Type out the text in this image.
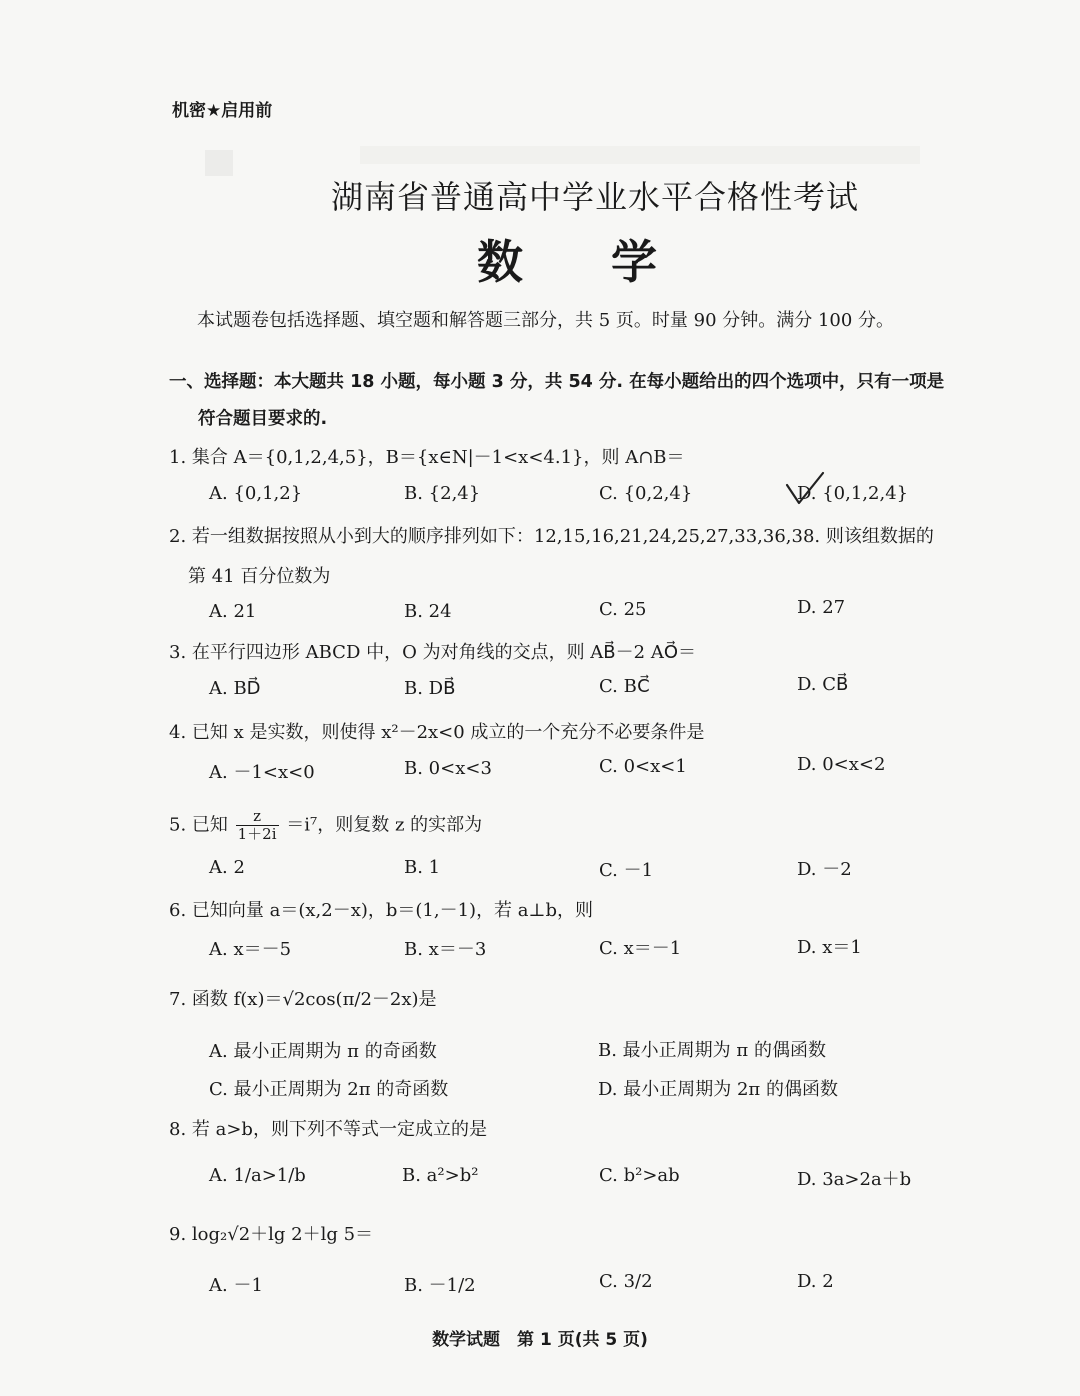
机密★启用前
湖南省普通高中学业水平合格性考试
数学
本试题卷包括选择题、填空题和解答题三部分，共 5 页。时量 90 分钟。满分 100 分。
一、选择题：本大题共 18 小题，每小题 3 分，共 54 分. 在每小题给出的四个选项中，只有一项是
符合题目要求的.
1. 集合 A＝{0,1,2,4,5}，B＝{x∈N|－1<x<4.1}，则 A∩B＝
A. {0,1,2}	B. {2,4}	C. {0,2,4}	D. {0,1,2,4}
2. 若一组数据按照从小到大的顺序排列如下：12,15,16,21,24,25,27,33,36,38. 则该组数据的
第 41 百分位数为
A. 21	B. 24	C. 25	D. 27
3. 在平行四边形 ABCD 中，O 为对角线的交点，则 AB⃗－2 AO⃗＝
A. BD⃗	B. DB⃗	C. BC⃗	D. CB⃗
4. 已知 x 是实数，则使得 x²－2x<0 成立的一个充分不必要条件是
A. －1<x<0	B. 0<x<3	C. 0<x<1	D. 0<x<2
5. 已知 $\frac{z}{1+2i} =i^7$，则复数 z 的实部为
A. 2	B. 1	C. －1	D. －2
6. 已知向量 a＝(x,2－x)，b＝(1,－1)，若 a⊥b，则
A. x＝－5	B. x＝－3	C. x＝－1	D. x＝1
7. 函数 f(x)＝√2cos(π/2－2x)是
A. 最小正周期为 π 的奇函数	B. 最小正周期为 π 的偶函数
C. 最小正周期为 2π 的奇函数	D. 最小正周期为 2π 的偶函数
8. 若 a>b，则下列不等式一定成立的是
A. 1/a>1/b	B. a²>b²	C. b²>ab	D. 3a>2a＋b
9. log₂√2＋lg 2＋lg 5＝
A. －1	B. －1/2	C. 3/2	D. 2
数学试题　第 1 页(共 5 页)
